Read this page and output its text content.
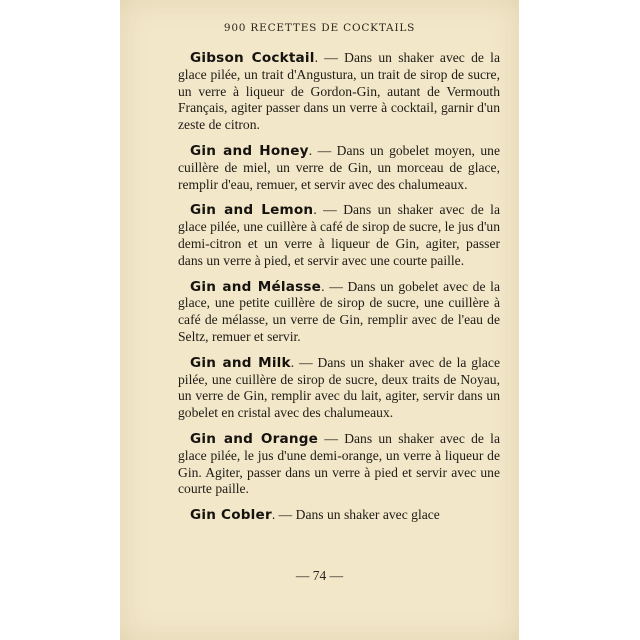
900 RECETTES DE COCKTAILS

Gibson Cocktail. — Dans un shaker avec de la glace pilée, un trait d'Angustura, un trait de sirop de sucre, un verre à liqueur de Gordon-Gin, autant de Vermouth Français, agiter passer dans un verre à cocktail, garnir d'un zeste de citron.

Gin and Honey. — Dans un gobelet moyen, une cuillère de miel, un verre de Gin, un morceau de glace, remplir d'eau, remuer, et servir avec des chalumeaux.

Gin and Lemon. — Dans un shaker avec de la glace pilée, une cuillère à café de sirop de sucre, le jus d'un demi-citron et un verre à liqueur de Gin, agiter, passer dans un verre à pied, et servir avec une courte paille.

Gin and Mélasse. — Dans un gobelet avec de la glace, une petite cuillère de sirop de sucre, une cuillère à café de mélasse, un verre de Gin, remplir avec de l'eau de Seltz, remuer et servir.

Gin and Milk. — Dans un shaker avec de la glace pilée, une cuillère de sirop de sucre, deux traits de Noyau, un verre de Gin, remplir avec du lait, agiter, servir dans un gobelet en cristal avec des chalumeaux.

Gin and Orange — Dans un shaker avec de la glace pilée, le jus d'une demi-orange, un verre à liqueur de Gin. Agiter, passer dans un verre à pied et servir avec une courte paille.

Gin Cobler. — Dans un shaker avec glace

— 74 —
